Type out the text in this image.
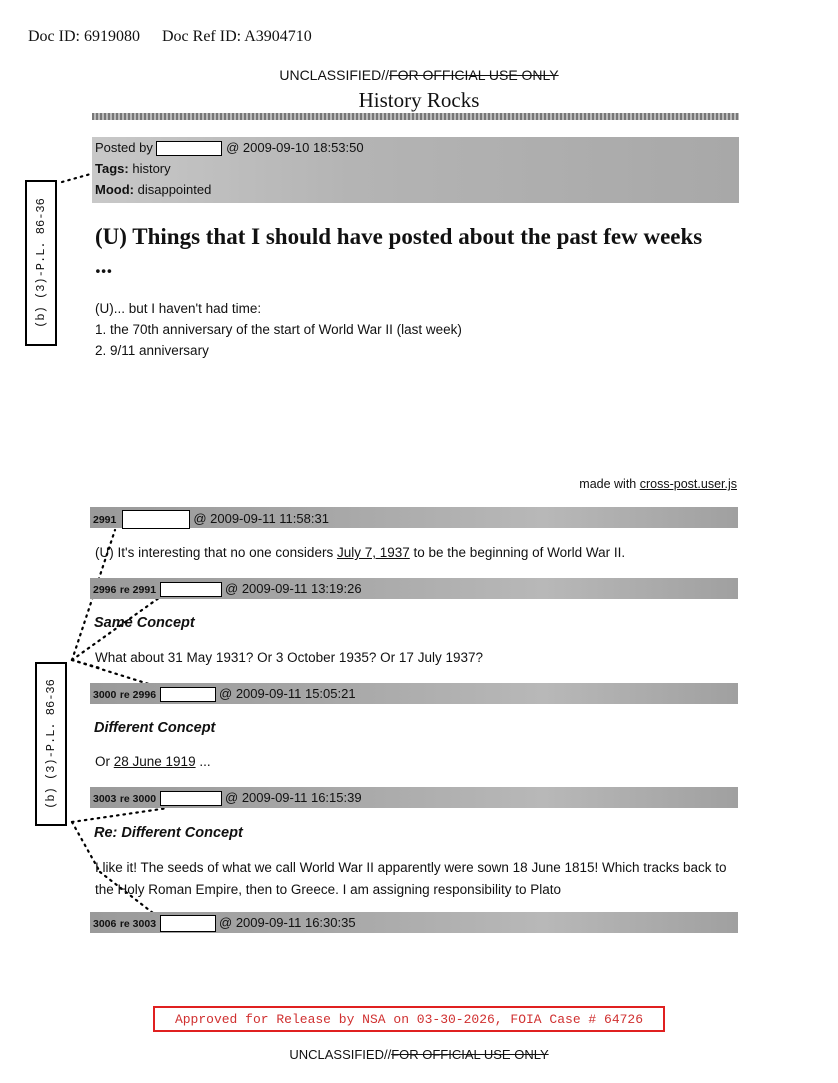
Doc ID: 6919080 Doc Ref ID: A3904710
UNCLASSIFIED//FOR OFFICIAL USE ONLY
History Rocks
Posted by	@ 2009-09-10 18:53:50
Tags: history
Mood: disappointed
(b) (3)-P.L. 86-36 (U) Things that I should have posted about the past few weeks ...
(U)... but I haven't had time:
1. the 70th anniversary of the start of World War II (last week)
2. 9/11 anniversary
made with cross-post.user.js
2991	@ 2009-09-11 11:58:31
(U) It's interesting that no one considers July 7, 1937 to be the beginning of World War II.
2996 re 2991	@ 2009-09-11 13:19:26
Same Concept
What about 31 May 1931? Or 3 October 1935? Or 17 July 1937?
3000 re 2996	@ 2009-09-11 15:05:21
Different Concept
Or 28 June 1919 ...
3003 re 3000	@ 2009-09-11 16:15:39
Re: Different Concept
I like it! The seeds of what we call World War II apparently were sown 18 June 1815! Which tracks back to the Holy Roman Empire, then to Greece. I am assigning responsibility to Plato
3006 re 3003	@ 2009-09-11 16:30:35
(b) (3)-P.L. 86-36
Approved for Release by NSA on 03-30-2026, FOIA Case # 64726
UNCLASSIFIED//FOR OFFICIAL USE ONLY
